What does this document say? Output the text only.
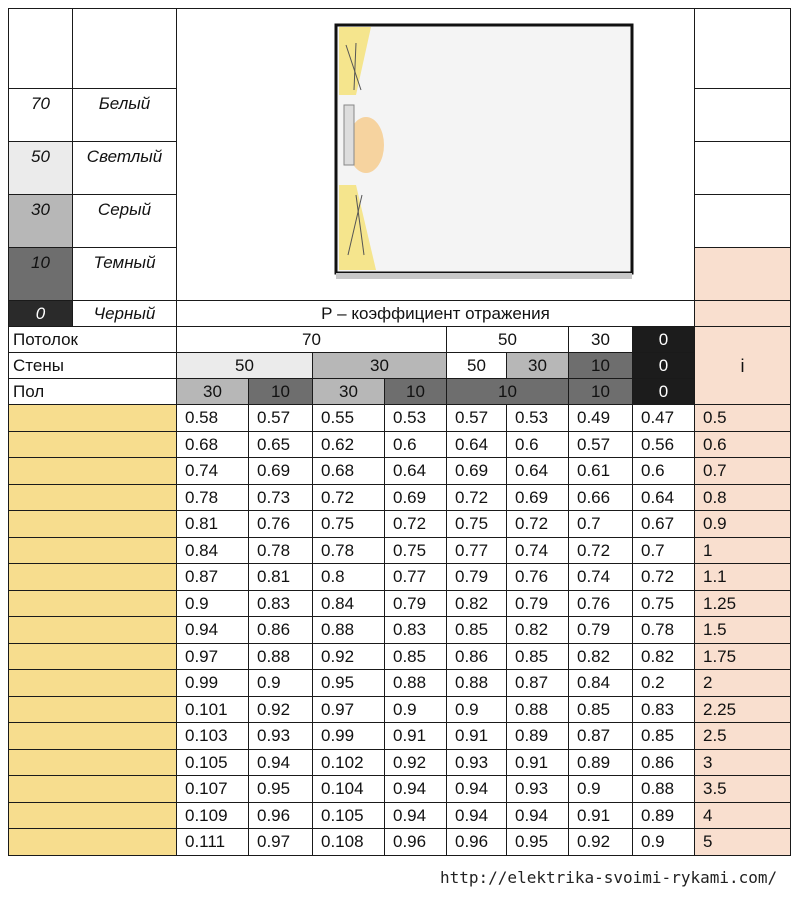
70	Белый									
50	Светлый									
30	Серый									
10	Темный									
0	Черный	Р – коэффициент отражения								
Потолок		70				50		30	0	i
Стены		50		30		50	30	10	0	
Пол		30	10	30	10	10		10	0	
		0.58	0.57	0.55	0.53	0.57	0.53	0.49	0.47	0.5
		0.68	0.65	0.62	0.6	0.64	0.6	0.57	0.56	0.6
		0.74	0.69	0.68	0.64	0.69	0.64	0.61	0.6	0.7
		0.78	0.73	0.72	0.69	0.72	0.69	0.66	0.64	0.8
		0.81	0.76	0.75	0.72	0.75	0.72	0.7	0.67	0.9
		0.84	0.78	0.78	0.75	0.77	0.74	0.72	0.7	1
		0.87	0.81	0.8	0.77	0.79	0.76	0.74	0.72	1.1
		0.9	0.83	0.84	0.79	0.82	0.79	0.76	0.75	1.25
		0.94	0.86	0.88	0.83	0.85	0.82	0.79	0.78	1.5
		0.97	0.88	0.92	0.85	0.86	0.85	0.82	0.82	1.75
		0.99	0.9	0.95	0.88	0.88	0.87	0.84	0.2	2
		0.101	0.92	0.97	0.9	0.9	0.88	0.85	0.83	2.25
		0.103	0.93	0.99	0.91	0.91	0.89	0.87	0.85	2.5
		0.105	0.94	0.102	0.92	0.93	0.91	0.89	0.86	3
		0.107	0.95	0.104	0.94	0.94	0.93	0.9	0.88	3.5
		0.109	0.96	0.105	0.94	0.94	0.94	0.91	0.89	4
		0.111	0.97	0.108	0.96	0.96	0.95	0.92	0.9	5
http://elektrika-svoimi-rykami.com/
